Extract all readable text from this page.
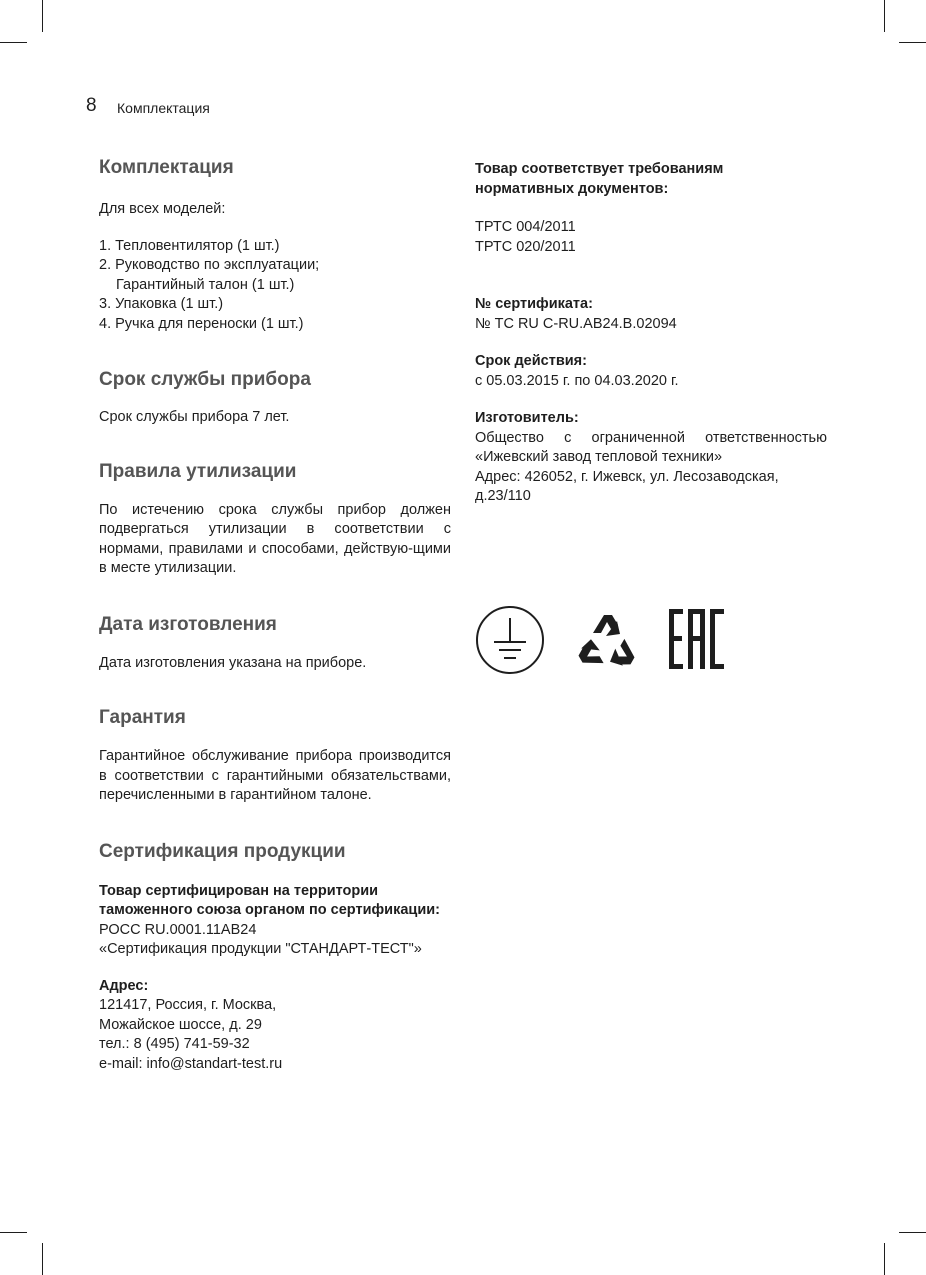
8 Комплектация
Комплектация

Для всех моделей:

1. Тепловентилятор (1 шт.)
2. Руководство по эксплуатации;
Гарантийный талон (1 шт.)
3. Упаковка (1 шт.)
4. Ручка для переноски (1 шт.)
Срок службы прибора

Срок службы прибора 7 лет.

Правила утилизации

По истечению срока службы прибор должен подвергаться утилизации в соответствии с нормами, правилами и способами, действую-щими в месте утилизации.

Дата изготовления

Дата изготовления указана на приборе.

Гарантия

Гарантийное обслуживание прибора производится в соответствии с гарантийными обязательствами, перечисленными в гарантийном талоне.

Сертификация продукции

Товар сертифицирован на территории таможенного союза органом по сертификации:

РОСС RU.0001.11АВ24

«Сертификация продукции "СТАНДАРТ-ТЕСТ"»

Адрес:

121417, Россия, г. Москва,

Можайское шоссе, д. 29

тел.: 8 (495) 741-59-32

e-mail: info@standart-test.ru

Товар соответствует требованиям

нормативных документов:

ТРТС 004/2011

ТРТС 020/2011

№ сертификата:

№ ТС RU С-RU.АВ24.В.02094

Срок действия:

с 05.03.2015 г. по 04.03.2020 г.

Изготовитель:

Общество с ограниченной ответственностью «Ижевский завод тепловой техники»

Адрес: 426052, г. Ижевск, ул. Лесозаводская, д.23/110
